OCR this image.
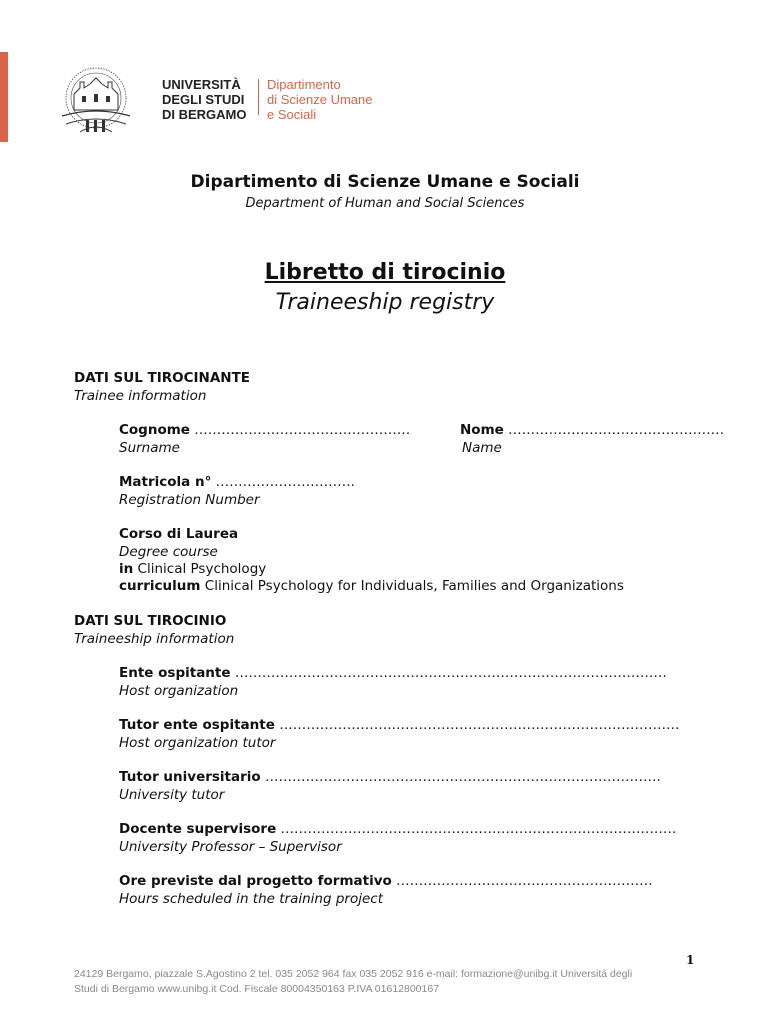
UNIVERSITÀ
DEGLI STUDI
DI BERGAMO
Dipartimento
di Scienze Umane
e Sociali
Dipartimento di Scienze Umane e Sociali
Department of Human and Social Sciences
Libretto di tirocinio
Traineeship registry
DATI SUL TIROCINANTE
Trainee information
Cognome …………………………………………
Surname
Nome …………………………………………
Name
Matricola n° ………………………….
Registration Number
Corso di Laurea
Degree course
in Clinical Psychology
curriculum Clinical Psychology for Individuals, Families and Organizations
DATI SUL TIROCINIO
Traineeship information
Ente ospitante ……………………………………………………………………………………
Host organization
Tutor ente ospitante …………………….……………………………………………………….
Host organization tutor
Tutor universitario …………………………………………………………………………….
University tutor
Docente supervisore …………………….………………………………………………………
University Professor – Supervisor
Ore previste dal progetto formativo …………………………………………………
Hours scheduled in the training project
1
24129 Bergamo, piazzale S.Agostino 2 tel. 035 2052 964 fax 035 2052 916 e-mail: formazione@unibg.it Università degli
Studi di Bergamo www.unibg.it Cod. Fiscale 80004350163 P.IVA 01612800167
